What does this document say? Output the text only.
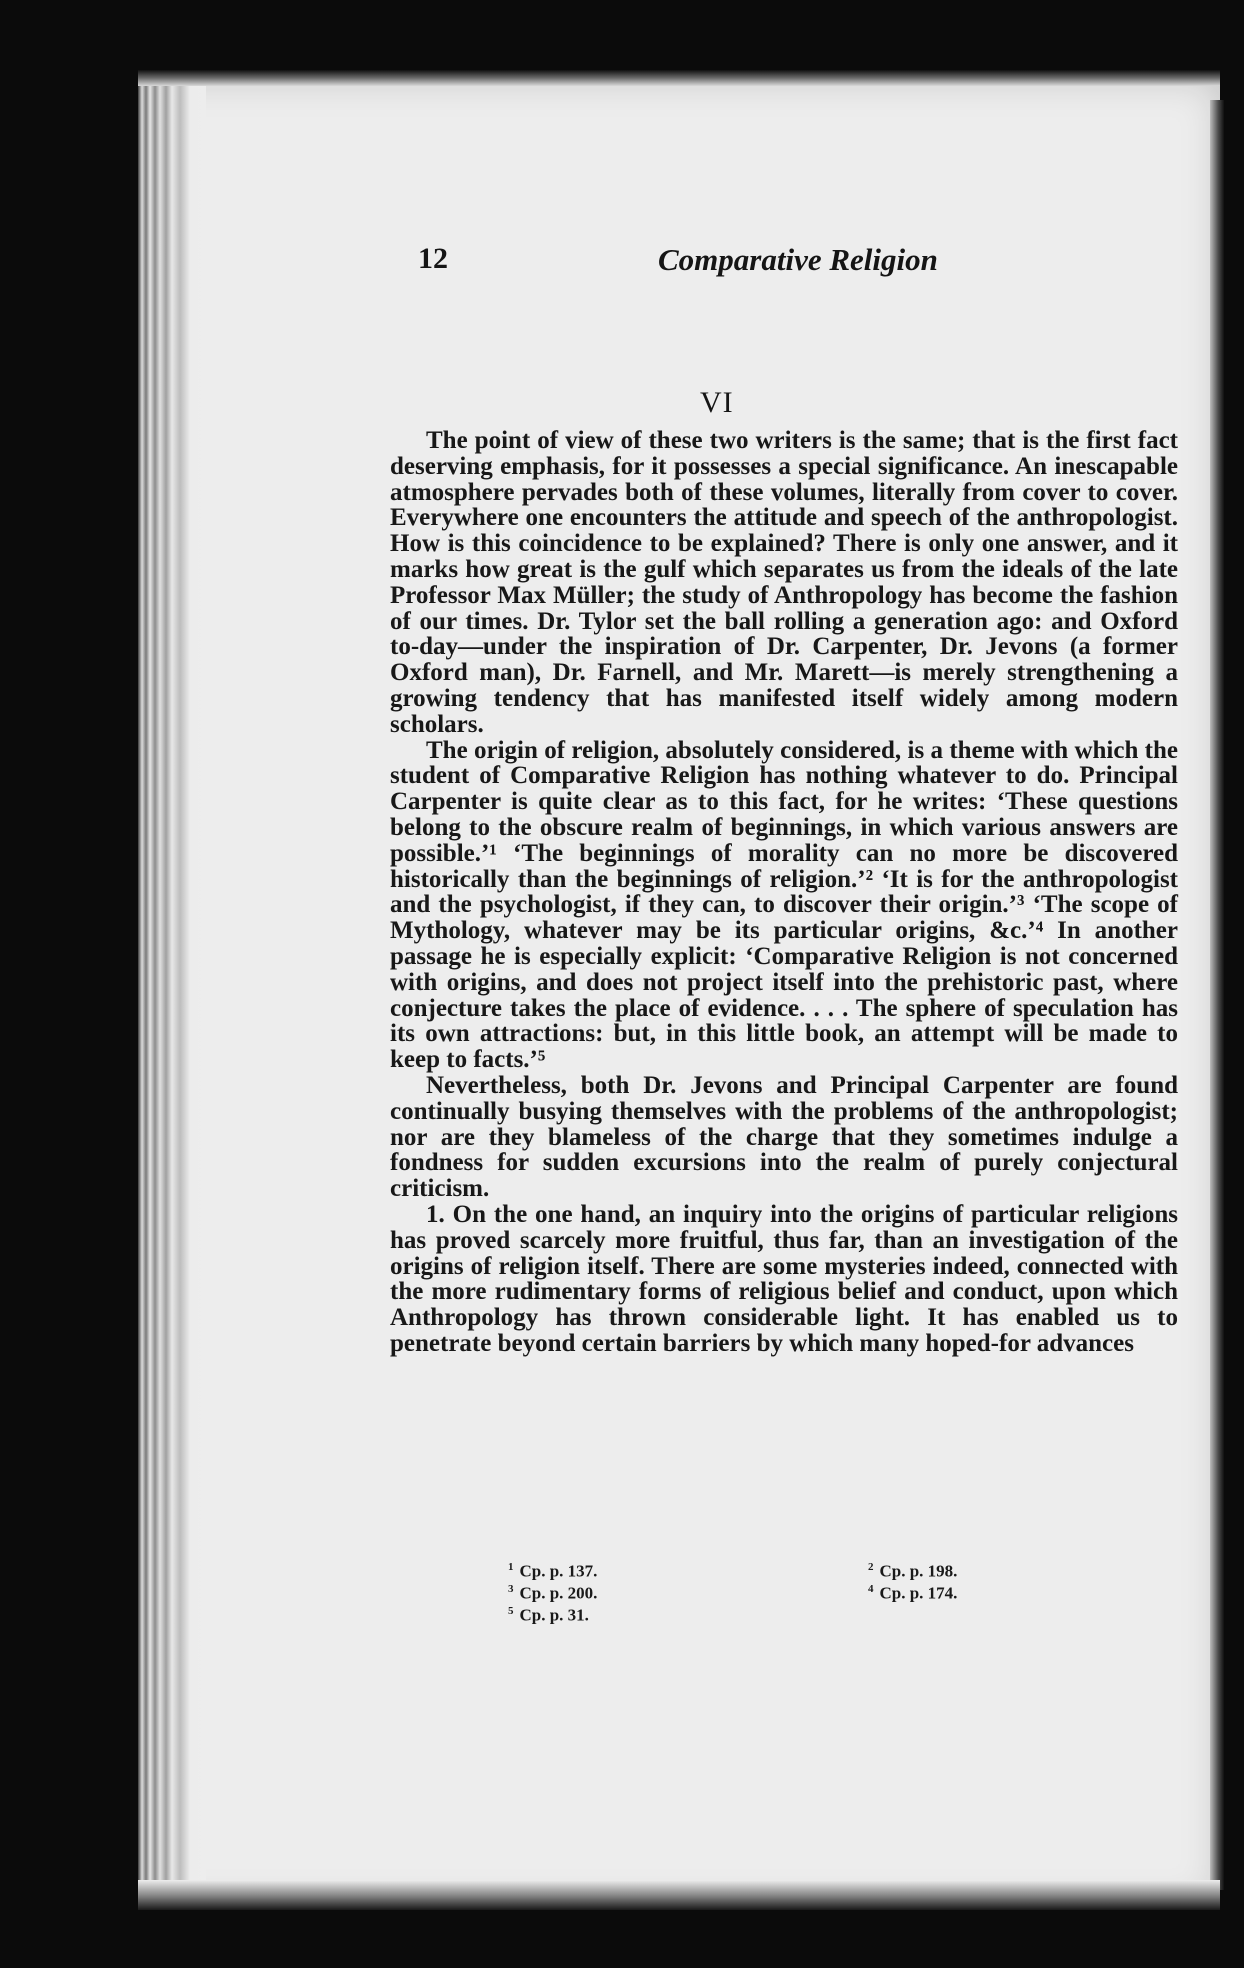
12	Comparative Religion
VI

The point of view of these two writers is the same; that is the first fact deserving emphasis, for it possesses a special significance. An inescapable atmosphere pervades both of these volumes, literally from cover to cover. Everywhere one encounters the attitude and speech of the anthropologist. How is this coincidence to be explained? There is only one answer, and it marks how great is the gulf which separates us from the ideals of the late Professor Max Müller; the study of Anthropology has become the fashion of our times. Dr. Tylor set the ball rolling a generation ago: and Oxford to-day—under the inspiration of Dr. Carpenter, Dr. Jevons (a former Oxford man), Dr. Farnell, and Mr. Marett—is merely strengthening a growing tendency that has manifested itself widely among modern scholars.

The origin of religion, absolutely considered, is a theme with which the student of Comparative Religion has nothing whatever to do. Principal Carpenter is quite clear as to this fact, for he writes: ‘These questions belong to the obscure realm of beginnings, in which various answers are possible.’¹ ‘The beginnings of morality can no more be discovered historically than the beginnings of religion.’² ‘It is for the anthropologist and the psychologist, if they can, to discover their origin.’³ ‘The scope of Mythology, whatever may be its particular origins, &c.’⁴ In another passage he is especially explicit: ‘Comparative Religion is not concerned with origins, and does not project itself into the prehistoric past, where conjecture takes the place of evidence. . . . The sphere of speculation has its own attractions: but, in this little book, an attempt will be made to keep to facts.’⁵

Nevertheless, both Dr. Jevons and Principal Carpenter are found continually busying themselves with the problems of the anthropologist; nor are they blameless of the charge that they sometimes indulge a fondness for sudden excursions into the realm of purely conjectural criticism.

1. On the one hand, an inquiry into the origins of particular religions has proved scarcely more fruitful, thus far, than an investigation of the origins of religion itself. There are some mysteries indeed, connected with the more rudimentary forms of religious belief and conduct, upon which Anthropology has thrown considerable light. It has enabled us to penetrate beyond certain barriers by which many hoped-for advances

$^1$ Cp. p. 137.	$^2$ Cp. p. 198.
$^3$ Cp. p. 200.	$^4$ Cp. p. 174.
$^5$ Cp. p. 31.
